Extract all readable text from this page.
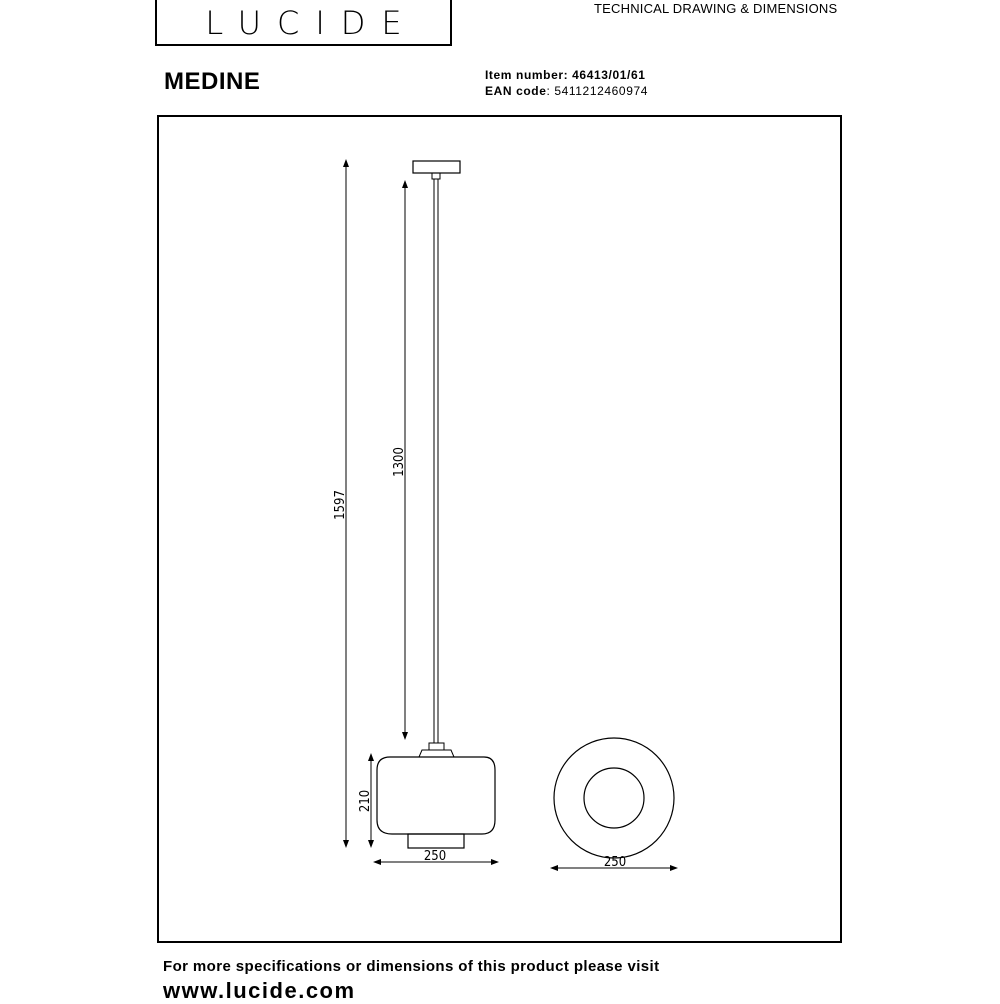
LUCIDE	TECHNICAL DRAWING & DIMENSIONS
MEDINE	Item number: 46413/01/61
EAN code: 5411212460974
1597
1300
210
250	250
For more specifications or dimensions of this product please visit
www.lucide.com
